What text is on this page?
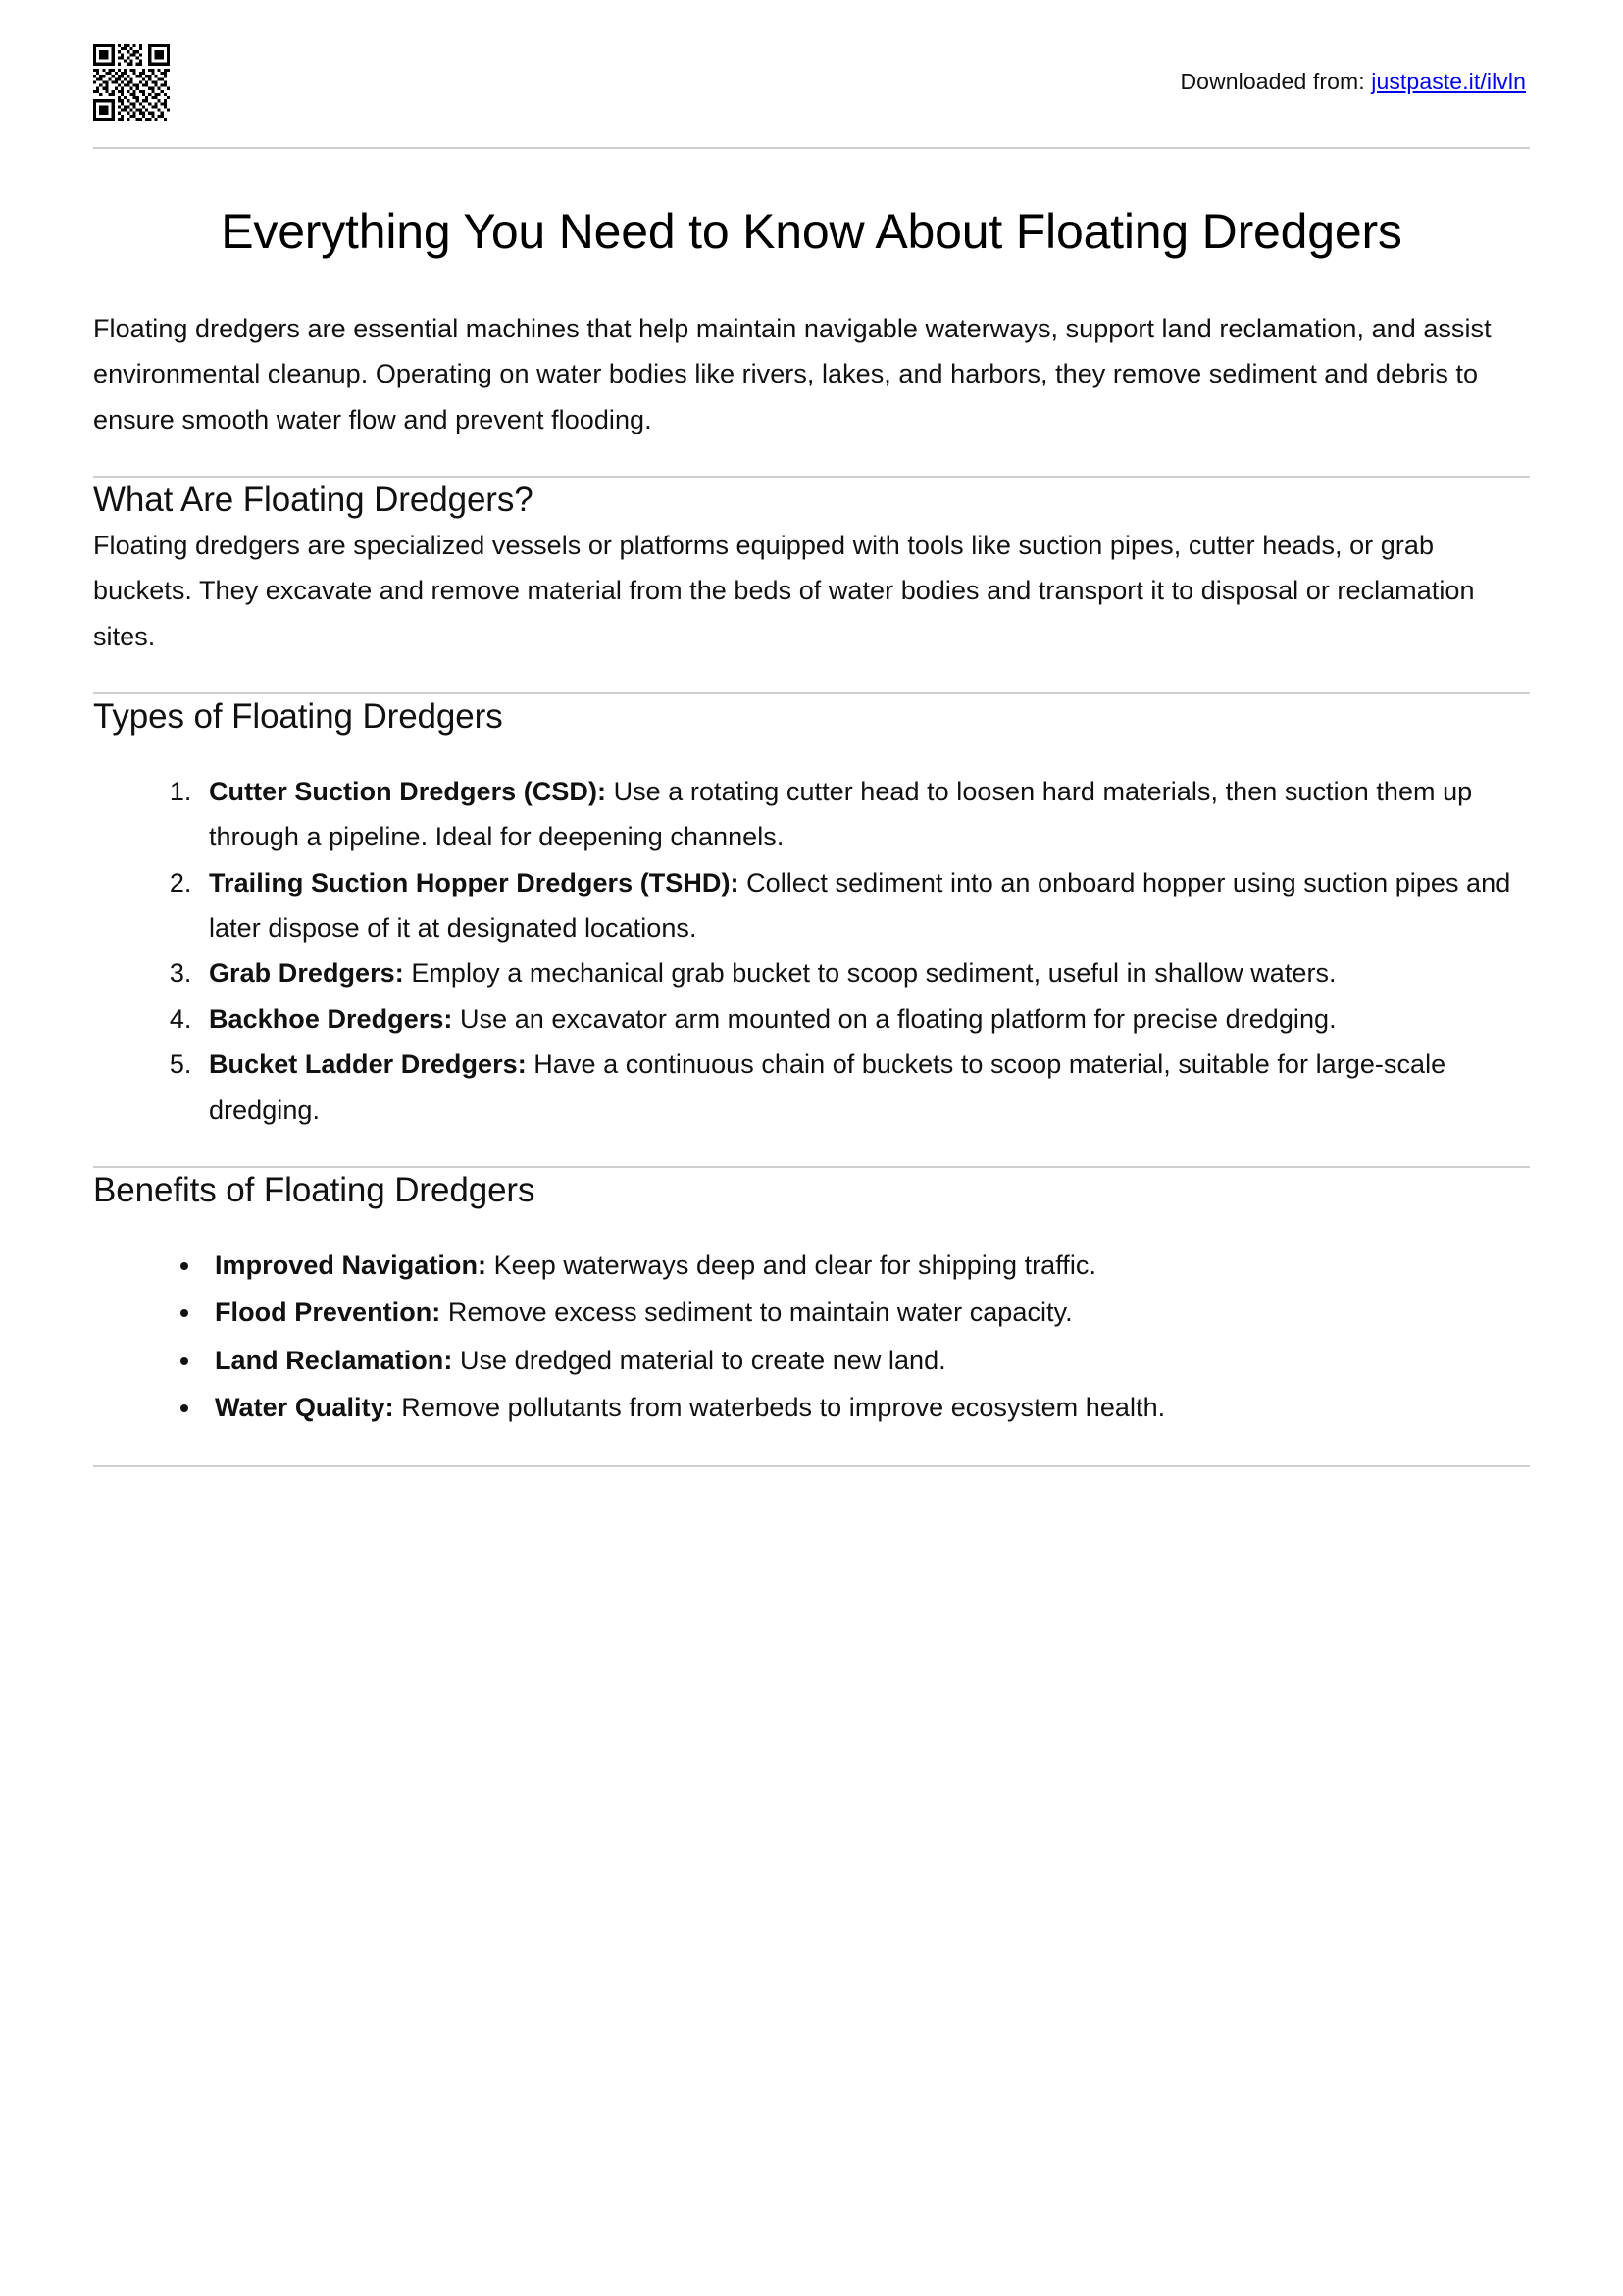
Downloaded from: justpaste.it/ilvln
Everything You Need to Know About Floating Dredgers

Floating dredgers are essential machines that help maintain navigable waterways, support land reclamation, and assist environmental cleanup. Operating on water bodies like rivers, lakes, and harbors, they remove sediment and debris to ensure smooth water flow and prevent flooding.

What Are Floating Dredgers?

Floating dredgers are specialized vessels or platforms equipped with tools like suction pipes, cutter heads, or grab buckets. They excavate and remove material from the beds of water bodies and transport it to disposal or reclamation sites.

Types of Floating Dredgers
1. Cutter Suction Dredgers (CSD): Use a rotating cutter head to loosen hard materials, then suction them up through a pipeline. Ideal for deepening channels.
2. Trailing Suction Hopper Dredgers (TSHD): Collect sediment into an onboard hopper using suction pipes and later dispose of it at designated locations.
3. Grab Dredgers: Employ a mechanical grab bucket to scoop sediment, useful in shallow waters.
4. Backhoe Dredgers: Use an excavator arm mounted on a floating platform for precise dredging.
5. Bucket Ladder Dredgers: Have a continuous chain of buckets to scoop material, suitable for large-scale dredging.
Benefits of Floating Dredgers
• Improved Navigation: Keep waterways deep and clear for shipping traffic.
• Flood Prevention: Remove excess sediment to maintain water capacity.
• Land Reclamation: Use dredged material to create new land.
• Water Quality: Remove pollutants from waterbeds to improve ecosystem health.
